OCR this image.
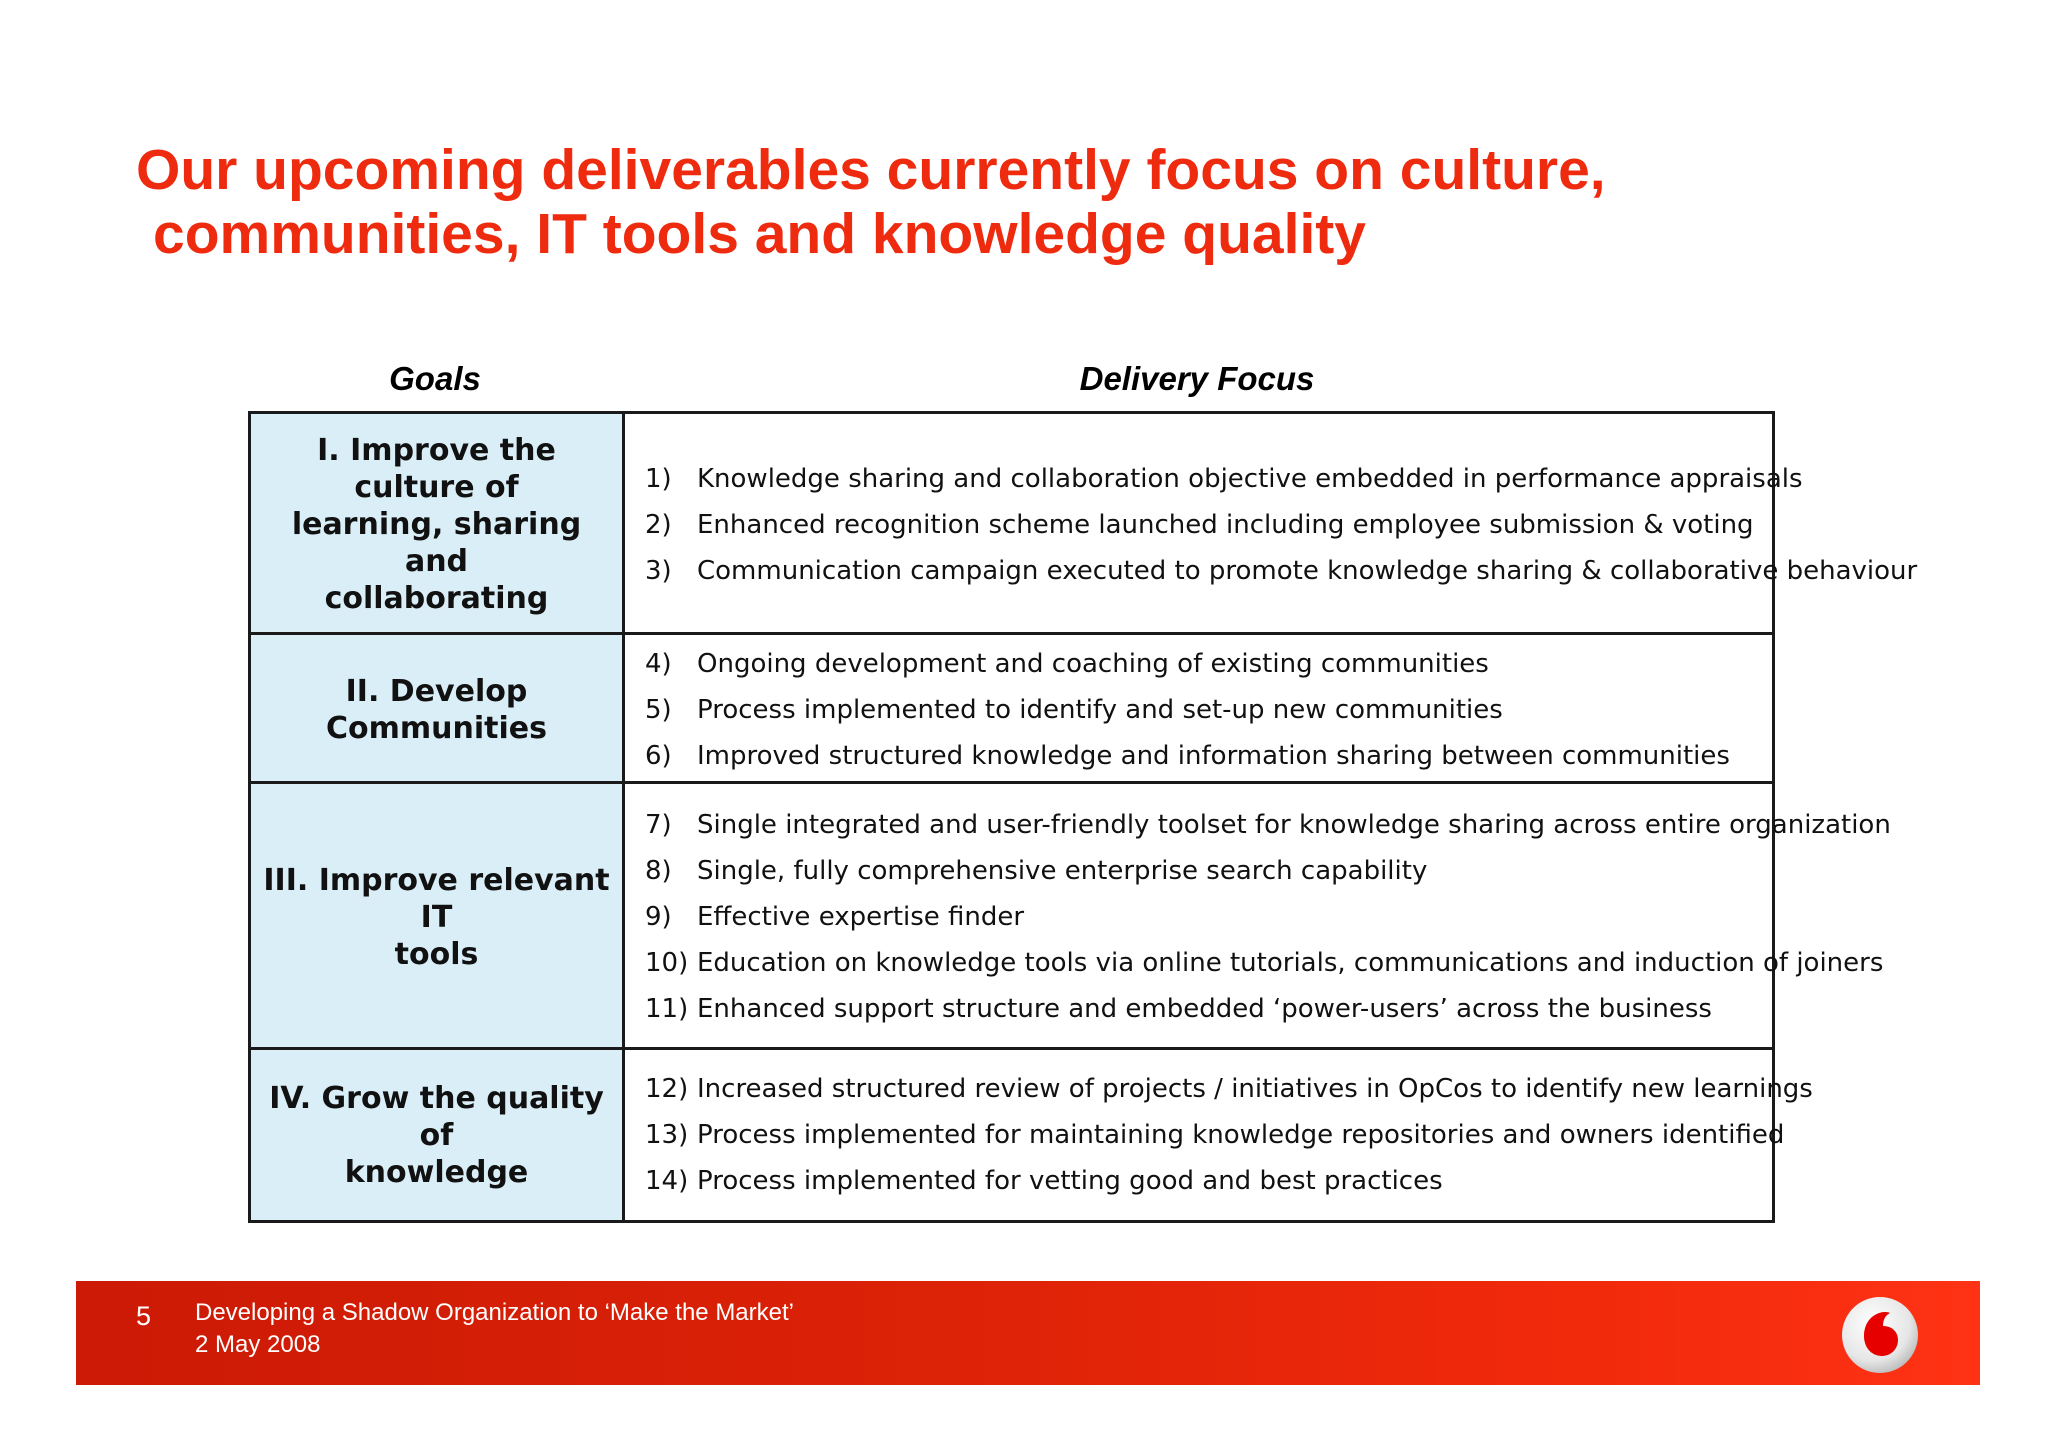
Our upcoming deliverables currently focus on culture,
communities, IT tools and knowledge quality
Goals	Delivery Focus
I. Improve the culture of
learning, sharing and
collaborating
1) Knowledge sharing and collaboration objective embedded in performance appraisals
2) Enhanced recognition scheme launched including employee submission & voting
3) Communication campaign executed to promote knowledge sharing & collaborative behaviour
II. Develop
Communities
4) Ongoing development and coaching of existing communities
5) Process implemented to identify and set-up new communities
6) Improved structured knowledge and information sharing between communities
III. Improve relevant IT
tools
7) Single integrated and user-friendly toolset for knowledge sharing across entire organization
8) Single, fully comprehensive enterprise search capability
9) Effective expertise finder
10) Education on knowledge tools via online tutorials, communications and induction of joiners
11) Enhanced support structure and embedded ‘power-users’ across the business
IV. Grow the quality of
knowledge
12) Increased structured review of projects / initiatives in OpCos to identify new learnings
13) Process implemented for maintaining knowledge repositories and owners identified
14) Process implemented for vetting good and best practices
5 Developing a Shadow Organization to ‘Make the Market’
2 May 2008
